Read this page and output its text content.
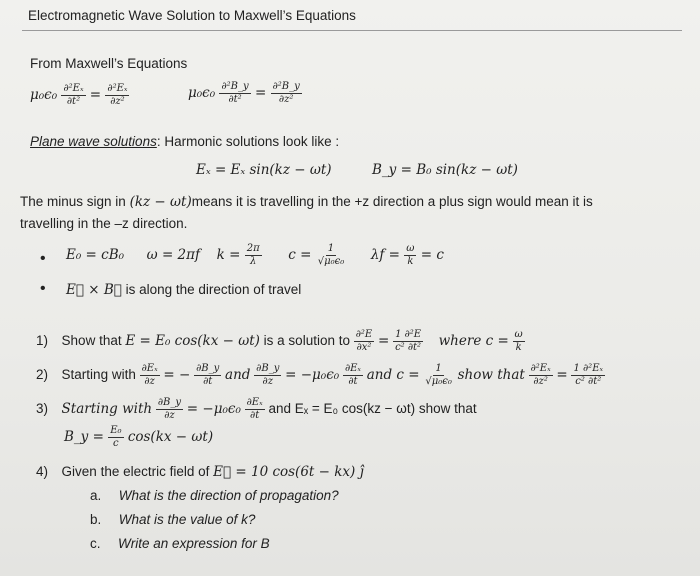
Electromagnetic Wave Solution to Maxwell’s Equations
From Maxwell’s Equations
$\mu_0\epsilon_0 \frac{\text{∂²Eₓ}}{\text{∂t²}} = \frac{\text{∂²Eₓ}}{\text{∂z²}}$	$\mu_0\epsilon_0 \frac{\text{∂²B\_y}}{\text{∂t²}} = \frac{\text{∂²B\_y}}{\text{∂z²}}$
Plane wave solutions: Harmonic solutions look like :
Eₓ = Eₓ sin(kz − ωt)	B_y = B₀ sin(kz − ωt)
The minus sign in (kz − ωt)means it is travelling in the +z direction a plus sign would mean it is
travelling in the –z direction.
• E₀ = cB₀ ω = 2πf $k = \frac{2\pi}{\lambda}$ $c = \frac{1}{\text{√μ₀ϵ₀}}$ $\lambda f = \frac{\omega}{k} = c$
• E⃗ × B⃗ is along the direction of travel
1) Show that E = E₀ cos(kx − ωt) is a solution to $\frac{\text{∂²E}}{\text{∂x²}} = \frac{\text{1 ∂²E}}{\text{c² ∂t²}}$ where $c = \frac{\omega}{k}$
2) Starting with $\frac{\text{∂Eₓ}}{\partial z}$ = − $\frac{\partial B\_y}{\partial t}$ and $\frac{\partial B\_y}{\partial z} = -\mu_0\epsilon_0 \frac{\text{∂Eₓ}}{\partial t}$ and $c = \frac{1}{\text{√μ₀ϵ₀}}$ show that $\frac{\text{∂²Eₓ}}{\text{∂z²}} = \frac{\text{1 ∂²Eₓ}}{\text{c² ∂t²}}$
3) Starting with $\frac{\partial B\_y}{\partial z} = -\mu_0\epsilon_0 \frac{\text{∂Eₓ}}{\partial t}$ and Eₓ = E₀ cos(kz − ωt) show that
B_y = $\frac{\text{E₀}}{c} \cos(kx - \omega t)$
4) Given the electric field of E⃗ = 10 cos(6t − kx) ĵ
a. What is the direction of propagation?
b. What is the value of k?
c. Write an expression for B
